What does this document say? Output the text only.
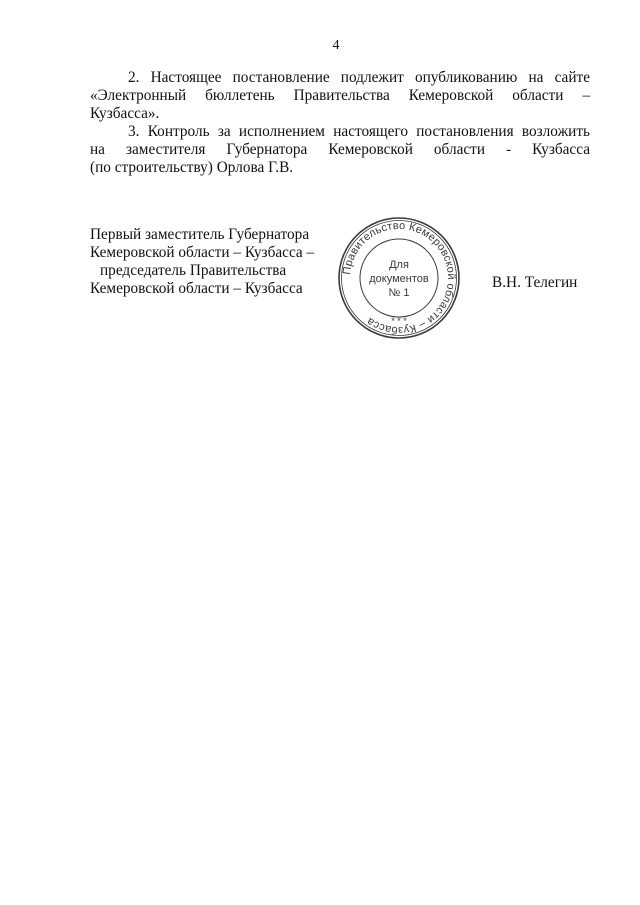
4

2. Настоящее постановление подлежит опубликованию на сайте
«Электронный бюллетень Правительства Кемеровской области –
Кузбасса».

3. Контроль за исполнением настоящего постановления возложить
на заместителя Губернатора Кемеровской области - Кузбасса
(по строительству) Орлова Г.В.

Первый заместитель Губернатора
Кемеровской области – Кузбасса –
председатель Правительства
Кемеровской области – Кузбасса
Правительство Кемеровской области – Кузбасса	* * *
Для
документов
№ 1
В.Н. Телегин
